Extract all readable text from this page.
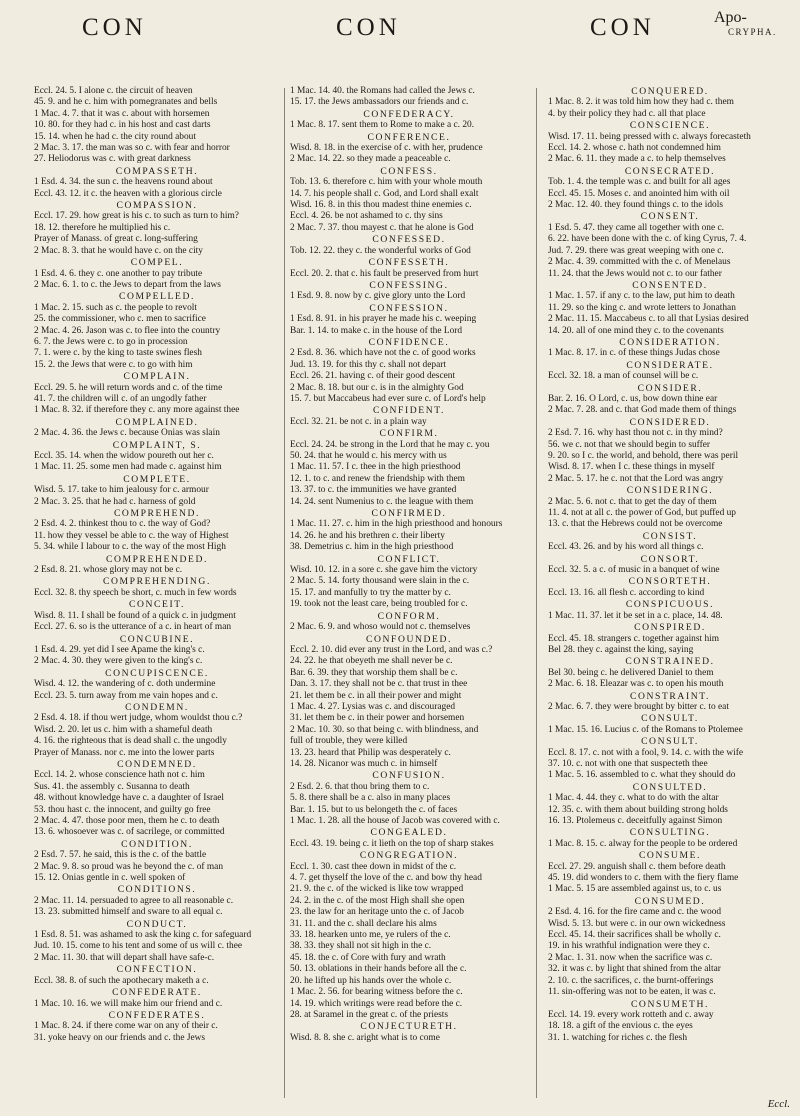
CON	CON	CON	Apo-
CRYPHA.

Eccl. 24. 5. I alone c. the circuit of heaven

45. 9. and he c. him with pomegranates and bells

1 Mac. 4. 7. that it was c. about with horsemen

10. 80. for they had c. in his host and cast darts

15. 14. when he had c. the city round about

2 Mac. 3. 17. the man was so c. with fear and horror

27. Heliodorus was c. with great darkness

COMPASSETH.

1 Esd. 4. 34. the sun c. the heavens round about

Eccl. 43. 12. it c. the heaven with a glorious circle

COMPASSION.

Eccl. 17. 29. how great is his c. to such as turn to him?

18. 12. therefore he multiplied his c.

Prayer of Manass. of great c. long-suffering

2 Mac. 8. 3. that he would have c. on the city

COMPEL.

1 Esd. 4. 6. they c. one another to pay tribute

2 Mac. 6. 1. to c. the Jews to depart from the laws

COMPELLED.

1 Mac. 2. 15. such as c. the people to revolt

25. the commissioner, who c. men to sacrifice

2 Mac. 4. 26. Jason was c. to flee into the country

6. 7. the Jews were c. to go in procession

7. 1. were c. by the king to taste swines flesh

15. 2. the Jews that were c. to go with him

COMPLAIN.

Eccl. 29. 5. he will return words and c. of the time

41. 7. the children will c. of an ungodly father

1 Mac. 8. 32. if therefore they c. any more against thee

COMPLAINED.

2 Mac. 4. 36. the Jews c. because Onias was slain

COMPLAINT, S.

Eccl. 35. 14. when the widow poureth out her c.

1 Mac. 11. 25. some men had made c. against him

COMPLETE.

Wisd. 5. 17. take to him jealousy for c. armour

2 Mac. 3. 25. that he had c. harness of gold

COMPREHEND.

2 Esd. 4. 2. thinkest thou to c. the way of God?

11. how they vessel be able to c. the way of Highest

5. 34. while I labour to c. the way of the most High

COMPREHENDED.

2 Esd. 8. 21. whose glory may not be c.

COMPREHENDING.

Eccl. 32. 8. thy speech be short, c. much in few words

CONCEIT.

Wisd. 8. 11. I shall be found of a quick c. in judgment

Eccl. 27. 6. so is the utterance of a c. in heart of man

CONCUBINE.

1 Esd. 4. 29. yet did I see Apame the king's c.

2 Mac. 4. 30. they were given to the king's c.

CONCUPISCENCE.

Wisd. 4. 12. the wandering of c. doth undermine

Eccl. 23. 5. turn away from me vain hopes and c.

CONDEMN.

2 Esd. 4. 18. if thou wert judge, whom wouldst thou c.?

Wisd. 2. 20. let us c. him with a shameful death

4. 16. the righteous that is dead shall c. the ungodly

Prayer of Manass. nor c. me into the lower parts

CONDEMNED.

Eccl. 14. 2. whose conscience hath not c. him

Sus. 41. the assembly c. Susanna to death

48. without knowledge have c. a daughter of Israel

53. thou hast c. the innocent, and guilty go free

2 Mac. 4. 47. those poor men, them he c. to death

13. 6. whosoever was c. of sacrilege, or committed

CONDITION.

2 Esd. 7. 57. he said, this is the c. of the battle

2 Mac. 9. 8. so proud was he beyond the c. of man

15. 12. Onias gentle in c. well spoken of

CONDITIONS.

2 Mac. 11. 14. persuaded to agree to all reasonable c.

13. 23. submitted himself and sware to all equal c.

CONDUCT.

1 Esd. 8. 51. was ashamed to ask the king c. for safeguard

Jud. 10. 15. come to his tent and some of us will c. thee

2 Mac. 11. 30. that will depart shall have safe-c.

CONFECTION.

Eccl. 38. 8. of such the apothecary maketh a c.

CONFEDERATE.

1 Mac. 10. 16. we will make him our friend and c.

CONFEDERATES.

1 Mac. 8. 24. if there come war on any of their c.

31. yoke heavy on our friends and c. the Jews

1 Mac. 14. 40. the Romans had called the Jews c.

15. 17. the Jews ambassadors our friends and c.

CONFEDERACY.

1 Mac. 8. 17. sent them to Rome to make a c. 20.

CONFERENCE.

Wisd. 8. 18. in the exercise of c. with her, prudence

2 Mac. 14. 22. so they made a peaceable c.

CONFESS.

Tob. 13. 6. therefore c. him with your whole mouth

14. 7. his people shall c. God, and Lord shall exalt

Wisd. 16. 8. in this thou madest thine enemies c.

Eccl. 4. 26. be not ashamed to c. thy sins

2 Mac. 7. 37. thou mayest c. that he alone is God

CONFESSED.

Tob. 12. 22. they c. the wonderful works of God

CONFESSETH.

Eccl. 20. 2. that c. his fault be preserved from hurt

CONFESSING.

1 Esd. 9. 8. now by c. give glory unto the Lord

CONFESSION.

1 Esd. 8. 91. in his prayer he made his c. weeping

Bar. 1. 14. to make c. in the house of the Lord

CONFIDENCE.

2 Esd. 8. 36. which have not the c. of good works

Jud. 13. 19. for this thy c. shall not depart

Eccl. 26. 21. having c. of their good descent

2 Mac. 8. 18. but our c. is in the almighty God

15. 7. but Maccabeus had ever sure c. of Lord's help

CONFIDENT.

Eccl. 32. 21. be not c. in a plain way

CONFIRM.

Eccl. 24. 24. be strong in the Lord that he may c. you

50. 24. that he would c. his mercy with us

1 Mac. 11. 57. I c. thee in the high priesthood

12. 1. to c. and renew the friendship with them

13. 37. to c. the immunities we have granted

14. 24. sent Numenius to c. the league with them

CONFIRMED.

1 Mac. 11. 27. c. him in the high priesthood and honours

14. 26. he and his brethren c. their liberty

38. Demetrius c. him in the high priesthood

CONFLICT.

Wisd. 10. 12. in a sore c. she gave him the victory

2 Mac. 5. 14. forty thousand were slain in the c.

15. 17. and manfully to try the matter by c.

19. took not the least care, being troubled for c.

CONFORM.

2 Mac. 6. 9. and whoso would not c. themselves

CONFOUNDED.

Eccl. 2. 10. did ever any trust in the Lord, and was c.?

24. 22. he that obeyeth me shall never be c.

Bar. 6. 39. they that worship them shall be c.

Dan. 3. 17. they shall not be c. that trust in thee

21. let them be c. in all their power and might

1 Mac. 4. 27. Lysias was c. and discouraged

31. let them be c. in their power and horsemen

2 Mac. 10. 30. so that being c. with blindness, and

full of trouble, they were killed

13. 23. heard that Philip was desperately c.

14. 28. Nicanor was much c. in himself

CONFUSION.

2 Esd. 2. 6. that thou bring them to c.

5. 8. there shall be a c. also in many places

Bar. 1. 15. but to us belongeth the c. of faces

1 Mac. 1. 28. all the house of Jacob was covered with c.

CONGEALED.

Eccl. 43. 19. being c. it lieth on the top of sharp stakes

CONGREGATION.

Eccl. 1. 30. cast thee down in midst of the c.

4. 7. get thyself the love of the c. and bow thy head

21. 9. the c. of the wicked is like tow wrapped

24. 2. in the c. of the most High shall she open

23. the law for an heritage unto the c. of Jacob

31. 11. and the c. shall declare his alms

33. 18. hearken unto me, ye rulers of the c.

38. 33. they shall not sit high in the c.

45. 18. the c. of Core with fury and wrath

50. 13. oblations in their hands before all the c.

20. he lifted up his hands over the whole c.

1 Mac. 2. 56. for bearing witness before the c.

14. 19. which writings were read before the c.

28. at Saramel in the great c. of the priests

CONJECTURETH.

Wisd. 8. 8. she c. aright what is to come

CONQUERED.

1 Mac. 8. 2. it was told him how they had c. them

4. by their policy they had c. all that place

CONSCIENCE.

Wisd. 17. 11. being pressed with c. always forecasteth

Eccl. 14. 2. whose c. hath not condemned him

2 Mac. 6. 11. they made a c. to help themselves

CONSECRATED.

Tob. 1. 4. the temple was c. and built for all ages

Eccl. 45. 15. Moses c. and anointed him with oil

2 Mac. 12. 40. they found things c. to the idols

CONSENT.

1 Esd. 5. 47. they came all together with one c.

6. 22. have been done with the c. of king Cyrus, 7. 4.

Jud. 7. 29. there was great weeping with one c.

2 Mac. 4. 39. committed with the c. of Menelaus

11. 24. that the Jews would not c. to our father

CONSENTED.

1 Mac. 1. 57. if any c. to the law, put him to death

11. 29. so the king c. and wrote letters to Jonathan

2 Mac. 11. 15. Maccabeus c. to all that Lysias desired

14. 20. all of one mind they c. to the covenants

CONSIDERATION.

1 Mac. 8. 17. in c. of these things Judas chose

CONSIDERATE.

Eccl. 32. 18. a man of counsel will be c.

CONSIDER.

Bar. 2. 16. O Lord, c. us, bow down thine ear

2 Mac. 7. 28. and c. that God made them of things

CONSIDERED.

2 Esd. 7. 16. why hast thou not c. in thy mind?

56. we c. not that we should begin to suffer

9. 20. so I c. the world, and behold, there was peril

Wisd. 8. 17. when I c. these things in myself

2 Mac. 5. 17. he c. not that the Lord was angry

CONSIDERING.

2 Mac. 5. 6. not c. that to get the day of them

11. 4. not at all c. the power of God, but puffed up

13. c. that the Hebrews could not be overcome

CONSIST.

Eccl. 43. 26. and by his word all things c.

CONSORT.

Eccl. 32. 5. a c. of music in a banquet of wine

CONSORTETH.

Eccl. 13. 16. all flesh c. according to kind

CONSPICUOUS.

1 Mac. 11. 37. let it be set in a c. place, 14. 48.

CONSPIRED.

Eccl. 45. 18. strangers c. together against him

Bel 28. they c. against the king, saying

CONSTRAINED.

Bel 30. being c. he delivered Daniel to them

2 Mac. 6. 18. Eleazar was c. to open his mouth

CONSTRAINT.

2 Mac. 6. 7. they were brought by bitter c. to eat

CONSULT.

1 Mac. 15. 16. Lucius c. of the Romans to Ptolemee

CONSULT.

Eccl. 8. 17. c. not with a fool, 9. 14. c. with the wife

37. 10. c. not with one that suspecteth thee

1 Mac. 5. 16. assembled to c. what they should do

CONSULTED.

1 Mac. 4. 44. they c. what to do with the altar

12. 35. c. with them about building strong holds

16. 13. Ptolemeus c. deceitfully against Simon

CONSULTING.

1 Mac. 8. 15. c. alway for the people to be ordered

CONSUME.

Eccl. 27. 29. anguish shall c. them before death

45. 19. did wonders to c. them with the fiery flame

1 Mac. 5. 15 are assembled against us, to c. us

CONSUMED.

2 Esd. 4. 16. for the fire came and c. the wood

Wisd. 5. 13. but were c. in our own wickedness

Eccl. 45. 14. their sacrifices shall be wholly c.

19. in his wrathful indignation were they c.

2 Mac. 1. 31. now when the sacrifice was c.

32. it was c. by light that shined from the altar

2. 10. c. the sacrifices, c. the burnt-offerings

11. sin-offering was not to be eaten, it was c.

CONSUMETH.

Eccl. 14. 19. every work rotteth and c. away

18. 18. a gift of the envious c. the eyes

31. 1. watching for riches c. the flesh

Eccl.
